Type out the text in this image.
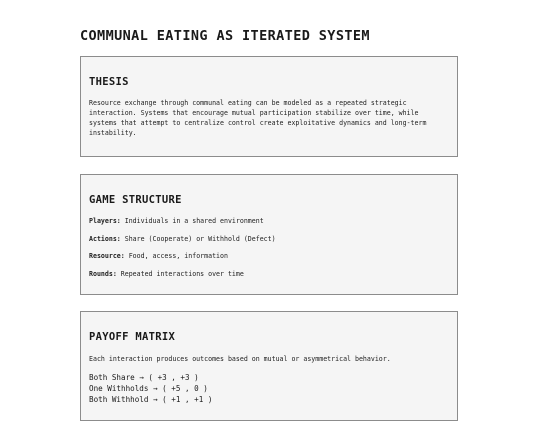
COMMUNAL EATING AS ITERATED SYSTEM
THESIS
Resource exchange through communal eating can be modeled as a repeated strategic interaction. Systems that encourage mutual participation stabilize over time, while systems that attempt to centralize control create exploitative dynamics and long-term instability.
GAME STRUCTURE
Players: Individuals in a shared environment
Actions: Share (Cooperate) or Withhold (Defect)
Resource: Food, access, information
Rounds: Repeated interactions over time
PAYOFF MATRIX
Each interaction produces outcomes based on mutual or asymmetrical behavior.
Both Share → ( +3 , +3 )
One Withholds → ( +5 , 0 )
Both Withhold → ( +1 , +1 )
